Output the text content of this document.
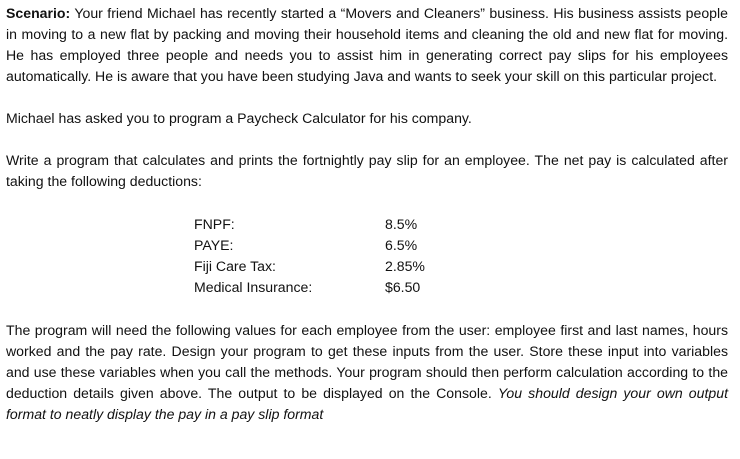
Scenario: Your friend Michael has recently started a “Movers and Cleaners” business. His business assists people in moving to a new flat by packing and moving their household items and cleaning the old and new flat for moving. He has employed three people and needs you to assist him in generating correct pay slips for his employees automatically. He is aware that you have been studying Java and wants to seek your skill on this particular project.

Michael has asked you to program a Paycheck Calculator for his company.

Write a program that calculates and prints the fortnightly pay slip for an employee. The net pay is calculated after taking the following deductions:

FNPF:	8.5%
PAYE:	6.5%
Fiji Care Tax:	2.85%
Medical Insurance:	$6.50

The program will need the following values for each employee from the user: employee first and last names, hours worked and the pay rate. Design your program to get these inputs from the user. Store these input into variables and use these variables when you call the methods. Your program should then perform calculation according to the deduction details given above. The output to be displayed on the Console. You should design your own output format to neatly display the pay in a pay slip format
